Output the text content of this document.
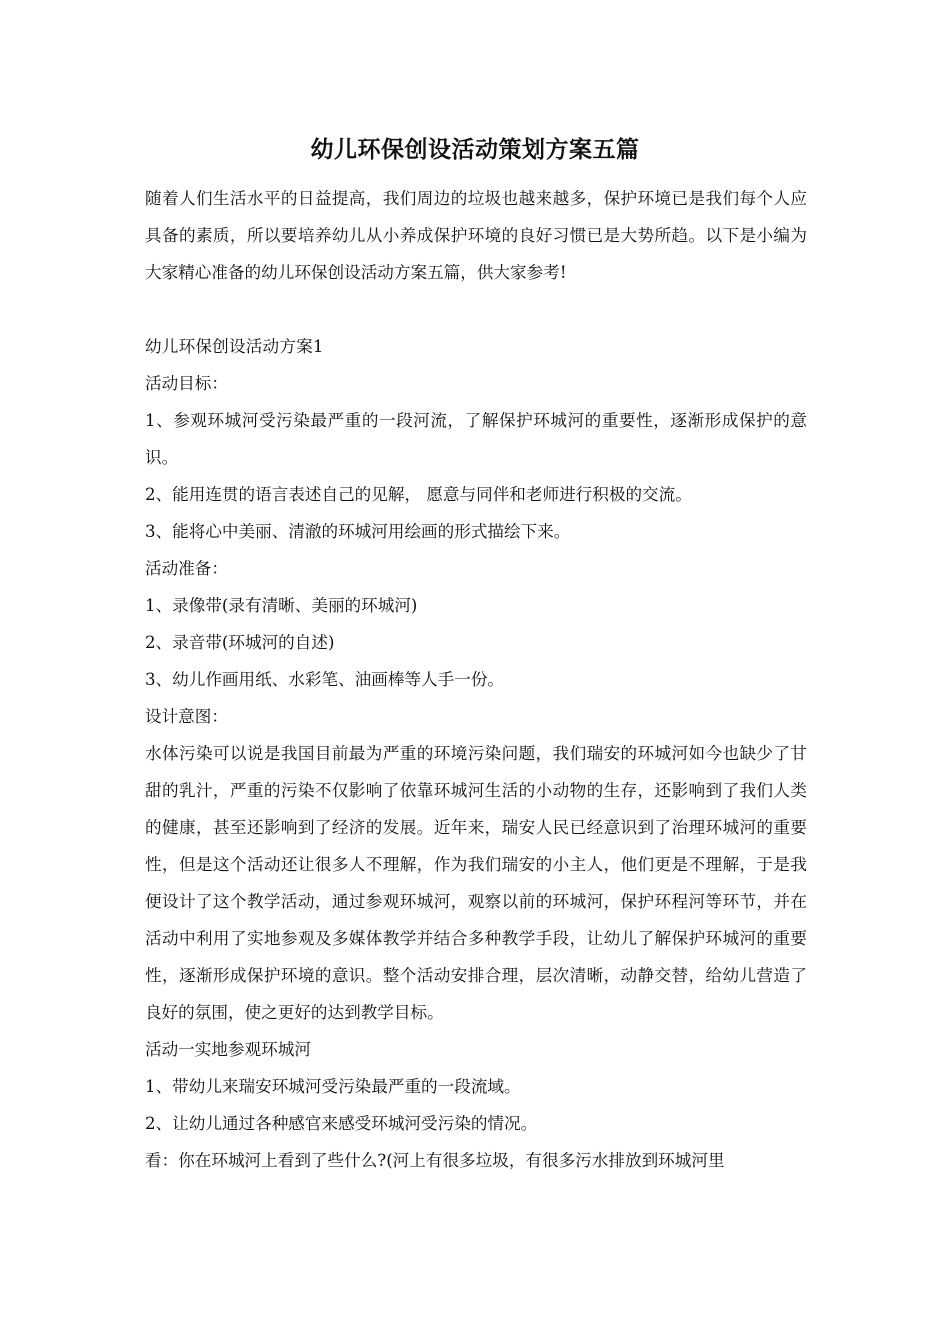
幼儿环保创设活动策划方案五篇

随着人们生活水平的日益提高，我们周边的垃圾也越来越多，保护环境已是我们每个人应具备的素质，所以要培养幼儿从小养成保护环境的良好习惯已是大势所趋。以下是小编为大家精心准备的幼儿环保创设活动方案五篇，供大家参考!

幼儿环保创设活动方案1

活动目标：

1、参观环城河受污染最严重的一段河流，了解保护环城河的重要性，逐渐形成保护的意识。

2、能用连贯的语言表述自己的见解， 愿意与同伴和老师进行积极的交流。

3、能将心中美丽、清澈的环城河用绘画的形式描绘下来。

活动准备：

1、录像带(录有清晰、美丽的环城河)

2、录音带(环城河的自述)

3、幼儿作画用纸、水彩笔、油画棒等人手一份。

设计意图：

水体污染可以说是我国目前最为严重的环境污染问题，我们瑞安的环城河如今也缺少了甘甜的乳汁，严重的污染不仅影响了依靠环城河生活的小动物的生存，还影响到了我们人类的健康，甚至还影响到了经济的发展。近年来，瑞安人民已经意识到了治理环城河的重要性，但是这个活动还让很多人不理解，作为我们瑞安的小主人，他们更是不理解，于是我便设计了这个教学活动，通过参观环城河，观察以前的环城河，保护环程河等环节，并在活动中利用了实地参观及多媒体教学并结合多种教学手段，让幼儿了解保护环城河的重要性，逐渐形成保护环境的意识。整个活动安排合理，层次清晰，动静交替，给幼儿营造了良好的氛围，使之更好的达到教学目标。

活动一实地参观环城河

1、带幼儿来瑞安环城河受污染最严重的一段流域。

2、让幼儿通过各种感官来感受环城河受污染的情况。

看：你在环城河上看到了些什么?(河上有很多垃圾，有很多污水排放到环城河里
